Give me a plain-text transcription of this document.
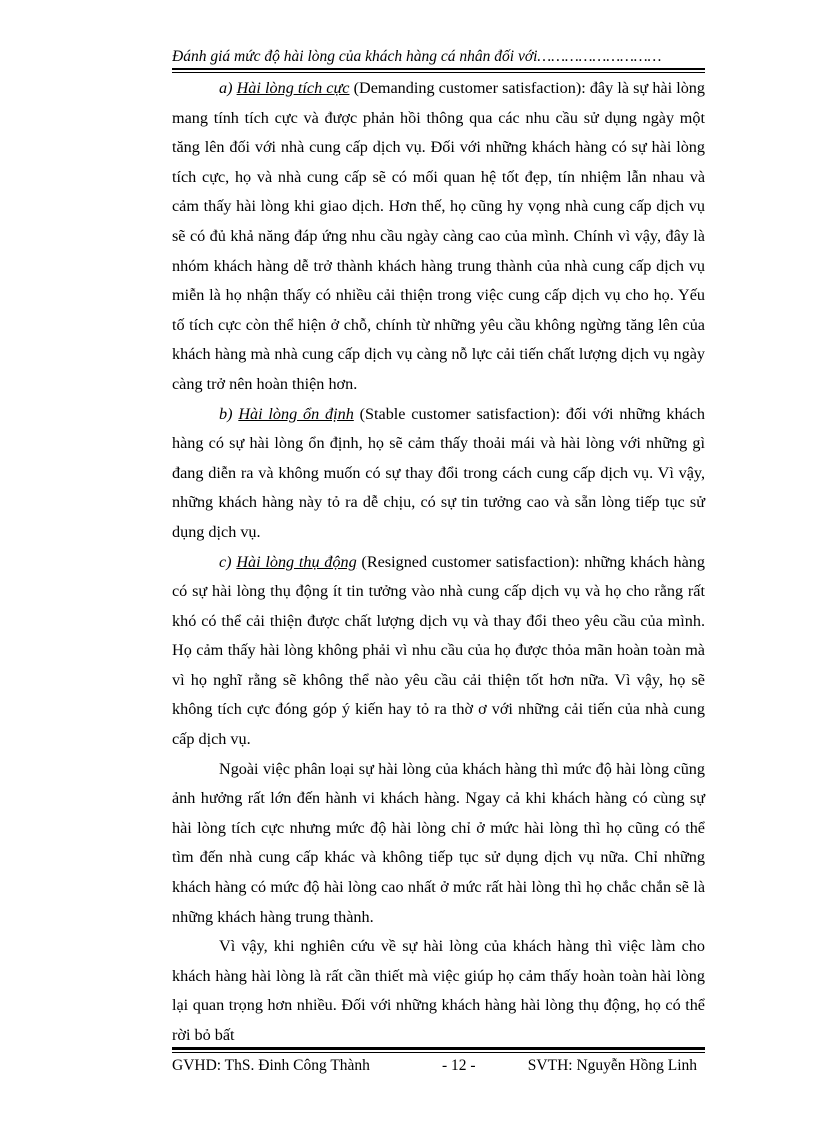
Đánh giá mức độ hài lòng của khách hàng cá nhân đối với………………………

a) Hài lòng tích cực (Demanding customer satisfaction): đây là sự hài lòng mang tính tích cực và được phản hồi thông qua các nhu cầu sử dụng ngày một tăng lên đối với nhà cung cấp dịch vụ. Đối với những khách hàng có sự hài lòng tích cực, họ và nhà cung cấp sẽ có mối quan hệ tốt đẹp, tín nhiệm lẫn nhau và cảm thấy hài lòng khi giao dịch. Hơn thế, họ cũng hy vọng nhà cung cấp dịch vụ sẽ có đủ khả năng đáp ứng nhu cầu ngày càng cao của mình. Chính vì vậy, đây là nhóm khách hàng dễ trở thành khách hàng trung thành của nhà cung cấp dịch vụ miễn là họ nhận thấy có nhiều cải thiện trong việc cung cấp dịch vụ cho họ. Yếu tố tích cực còn thể hiện ở chỗ, chính từ những yêu cầu không ngừng tăng lên của khách hàng mà nhà cung cấp dịch vụ càng nỗ lực cải tiến chất lượng dịch vụ ngày càng trở nên hoàn thiện hơn.

b) Hài lòng ổn định (Stable customer satisfaction): đối với những khách hàng có sự hài lòng ổn định, họ sẽ cảm thấy thoải mái và hài lòng với những gì đang diễn ra và không muốn có sự thay đổi trong cách cung cấp dịch vụ. Vì vậy, những khách hàng này tỏ ra dễ chịu, có sự tin tưởng cao và sẵn lòng tiếp tục sử dụng dịch vụ.

c) Hài lòng thụ động (Resigned customer satisfaction): những khách hàng có sự hài lòng thụ động ít tin tưởng vào nhà cung cấp dịch vụ và họ cho rằng rất khó có thể cải thiện được chất lượng dịch vụ và thay đổi theo yêu cầu của mình. Họ cảm thấy hài lòng không phải vì nhu cầu của họ được thỏa mãn hoàn toàn mà vì họ nghĩ rằng sẽ không thể nào yêu cầu cải thiện tốt hơn nữa. Vì vậy, họ sẽ không tích cực đóng góp ý kiến hay tỏ ra thờ ơ với những cải tiến của nhà cung cấp dịch vụ.

Ngoài việc phân loại sự hài lòng của khách hàng thì mức độ hài lòng cũng ảnh hưởng rất lớn đến hành vi khách hàng. Ngay cả khi khách hàng có cùng sự hài lòng tích cực nhưng mức độ hài lòng chỉ ở mức hài lòng thì họ cũng có thể tìm đến nhà cung cấp khác và không tiếp tục sử dụng dịch vụ nữa. Chỉ những khách hàng có mức độ hài lòng cao nhất ở mức rất hài lòng thì họ chắc chắn sẽ là những khách hàng trung thành.

Vì vậy, khi nghiên cứu về sự hài lòng của khách hàng thì việc làm cho khách hàng hài lòng là rất cần thiết mà việc giúp họ cảm thấy hoàn toàn hài lòng lại quan trọng hơn nhiều. Đối với những khách hàng hài lòng thụ động, họ có thể rời bỏ bất

GVHD: ThS. Đinh Công Thành	- 12 -	SVTH: Nguyễn Hồng Linh
